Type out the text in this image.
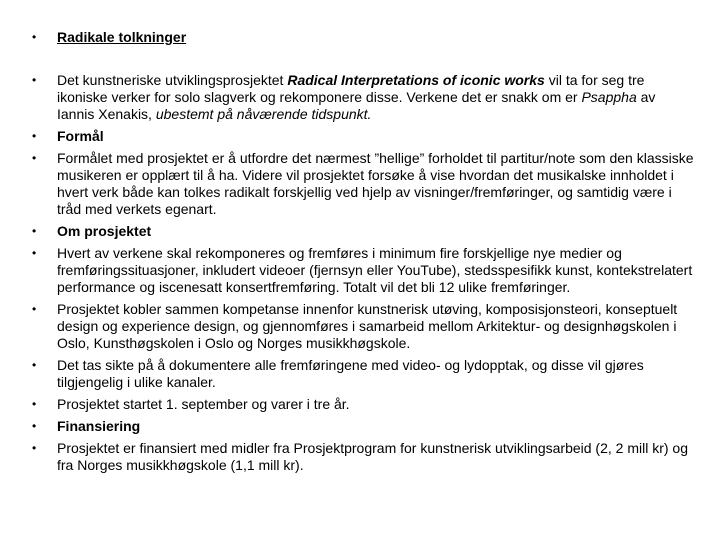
•	Radikale tolkninger
•	Det kunstneriske utviklingsprosjektet Radical Interpretations of iconic works vil ta for seg tre ikoniske verker for solo slagverk og rekomponere disse. Verkene det er snakk om er Psappha av Iannis Xenakis, ubestemt på nåværende tidspunkt.
•	Formål
•	Formålet med prosjektet er å utfordre det nærmest ”hellige” forholdet til partitur/note som den klassiske musikeren er opplært til å ha. Videre vil prosjektet forsøke å vise hvordan det musikalske innholdet i hvert verk både kan tolkes radikalt forskjellig ved hjelp av visninger/fremføringer, og samtidig være i tråd med verkets egenart.
•	Om prosjektet
•	Hvert av verkene skal rekomponeres og fremføres i minimum fire forskjellige nye medier og fremføringssituasjoner, inkludert videoer (fjernsyn eller YouTube), stedsspesifikk kunst, kontekstrelatert performance og iscenesatt konsertfremføring. Totalt vil det bli 12 ulike fremføringer.
•	Prosjektet kobler sammen kompetanse innenfor kunstnerisk utøving, komposisjonsteori, konseptuelt design og experience design, og gjennomføres i samarbeid mellom Arkitektur- og designhøgskolen i Oslo, Kunsthøgskolen i Oslo og Norges musikkhøgskole.
•	Det tas sikte på å dokumentere alle fremføringene med video- og lydopptak, og disse vil gjøres tilgjengelig i ulike kanaler.
•	Prosjektet startet 1. september og varer i tre år.
•	Finansiering
•	Prosjektet er finansiert med midler fra Prosjektprogram for kunstnerisk utviklingsarbeid (2, 2 mill kr) og fra Norges musikkhøgskole (1,1 mill kr).
